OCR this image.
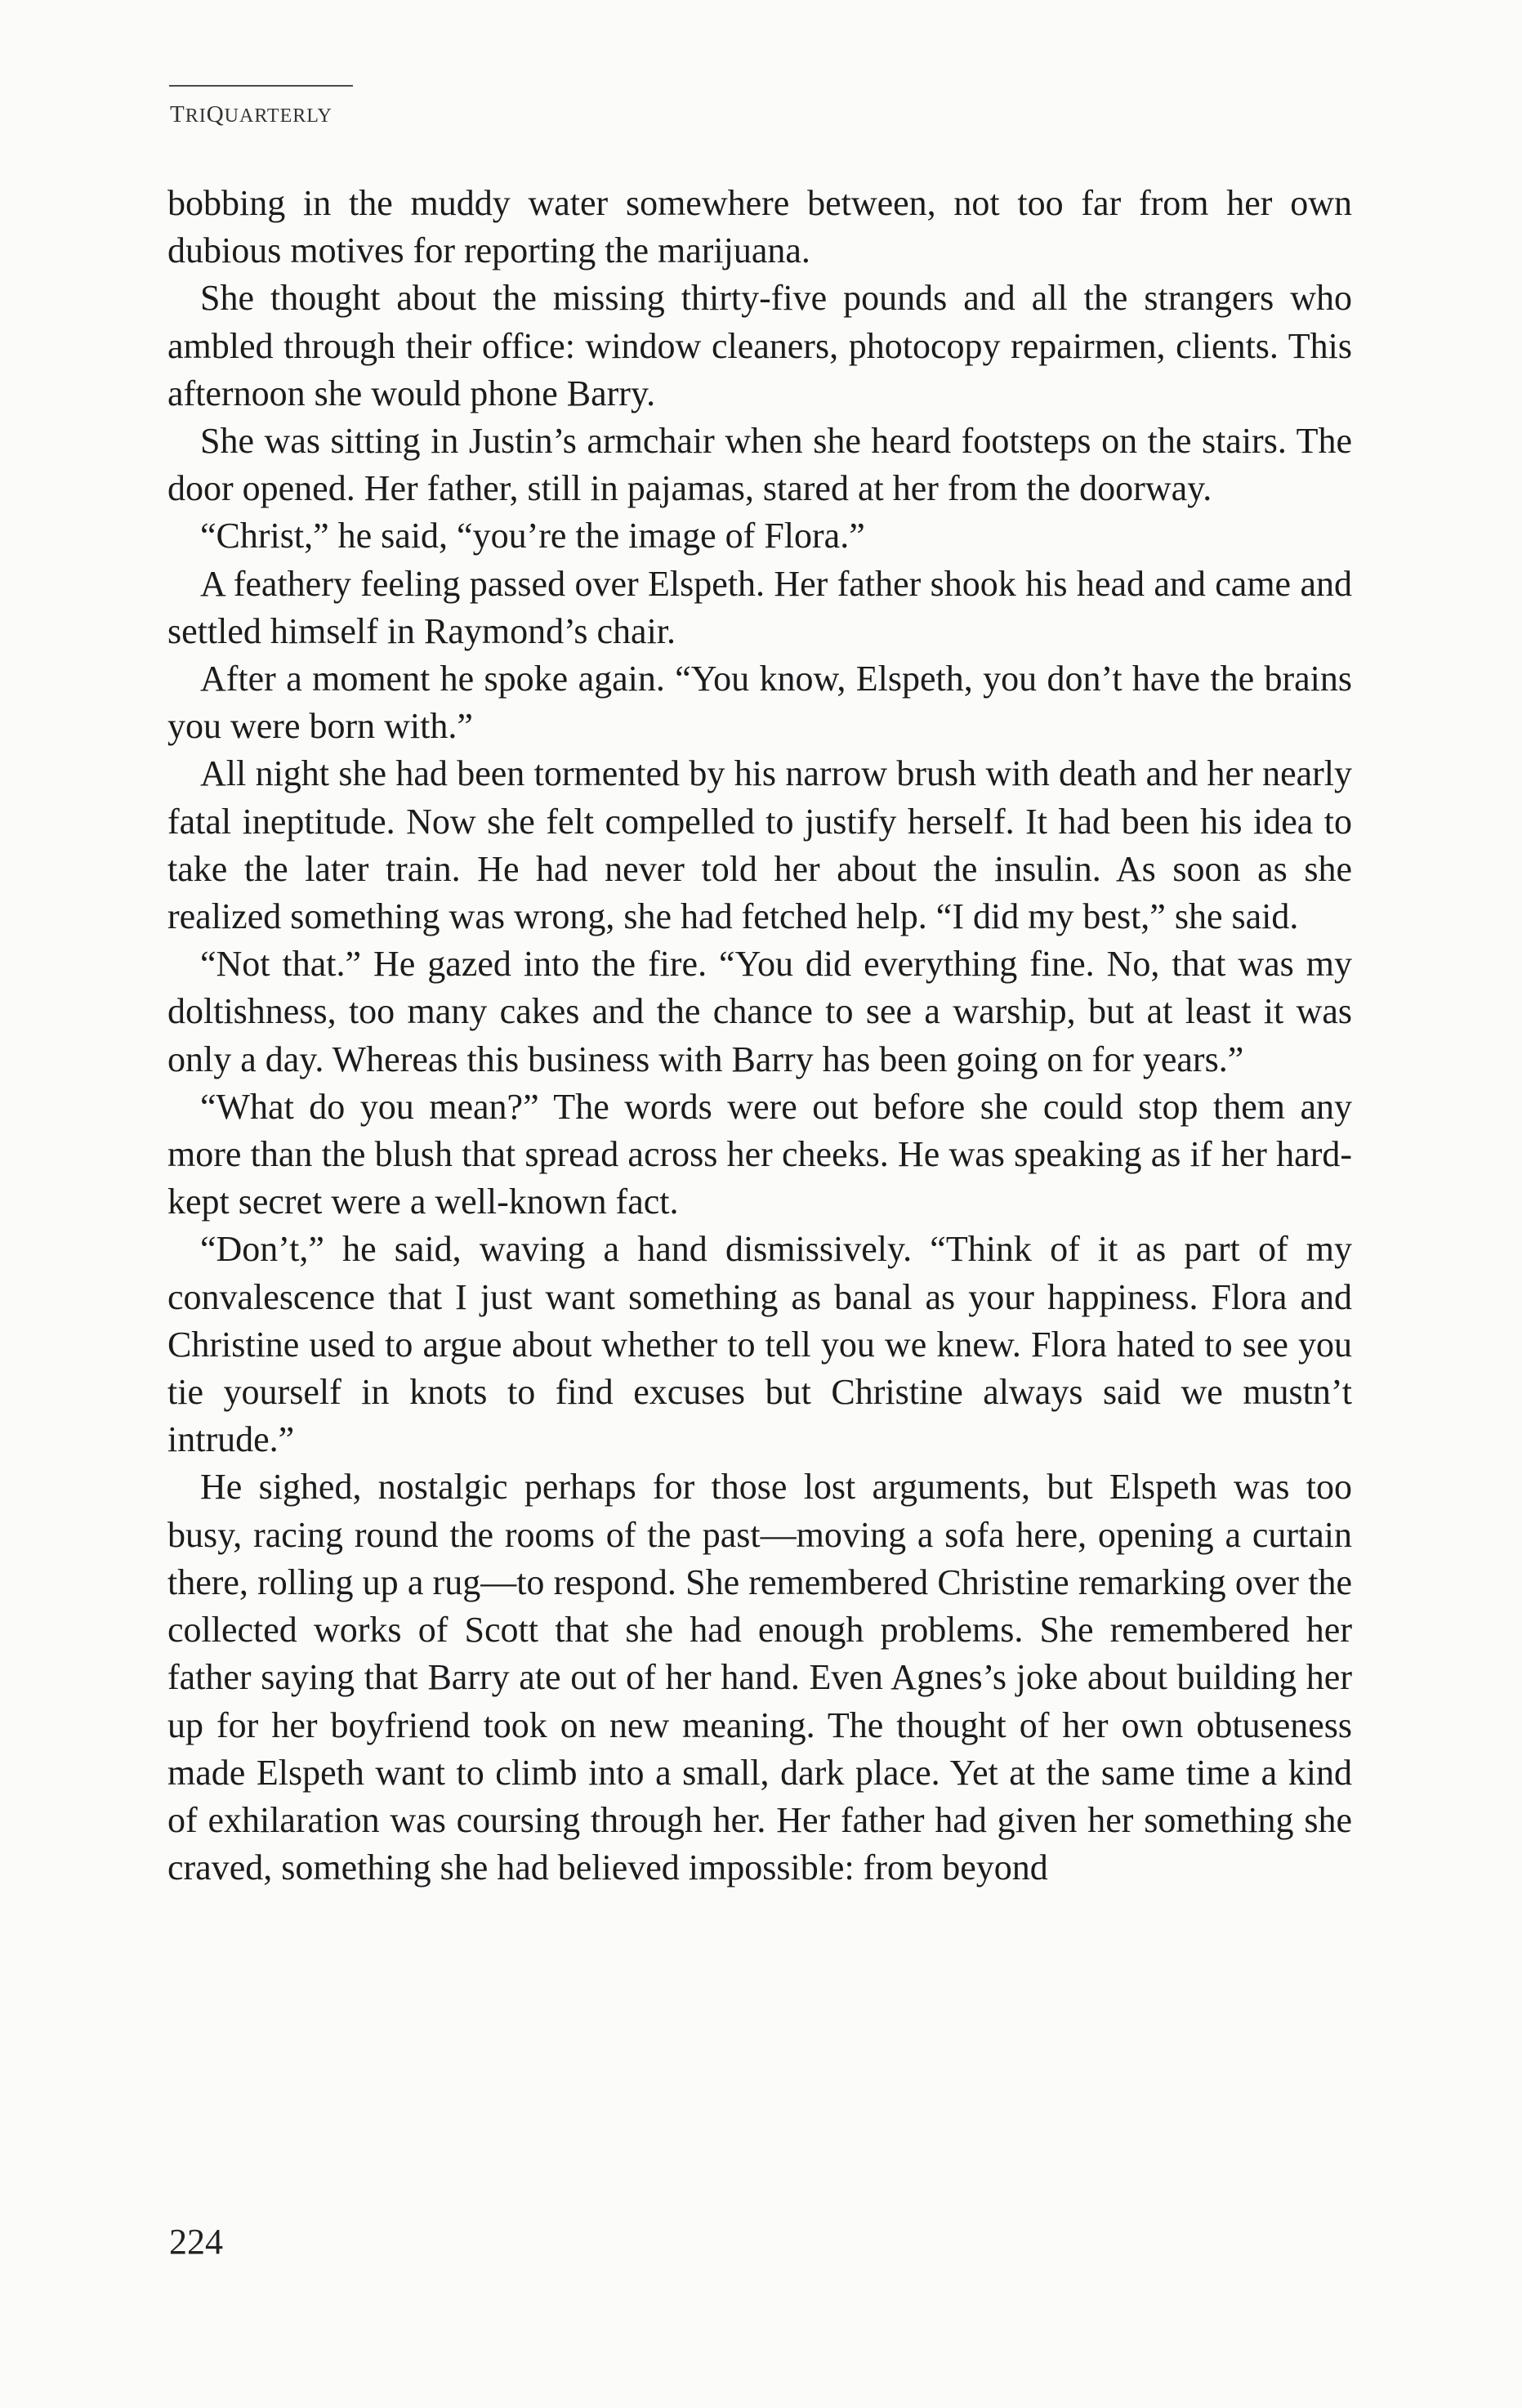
TRIQUARTERLY

bobbing in the muddy water somewhere between, not too far from her own dubious motives for reporting the marijuana.

She thought about the missing thirty-five pounds and all the strangers who ambled through their office: window cleaners, photocopy repairmen, clients. This afternoon she would phone Barry.

She was sitting in Justin’s armchair when she heard footsteps on the stairs. The door opened. Her father, still in pajamas, stared at her from the doorway.

“Christ,” he said, “you’re the image of Flora.”

A feathery feeling passed over Elspeth. Her father shook his head and came and settled himself in Raymond’s chair.

After a moment he spoke again. “You know, Elspeth, you don’t have the brains you were born with.”

All night she had been tormented by his narrow brush with death and her nearly fatal ineptitude. Now she felt compelled to justify herself. It had been his idea to take the later train. He had never told her about the insulin. As soon as she realized something was wrong, she had fetched help. “I did my best,” she said.

“Not that.” He gazed into the fire. “You did everything fine. No, that was my doltishness, too many cakes and the chance to see a warship, but at least it was only a day. Whereas this business with Barry has been going on for years.”

“What do you mean?” The words were out before she could stop them any more than the blush that spread across her cheeks. He was speaking as if her hard-kept secret were a well-known fact.

“Don’t,” he said, waving a hand dismissively. “Think of it as part of my convalescence that I just want something as banal as your happiness. Flora and Christine used to argue about whether to tell you we knew. Flora hated to see you tie yourself in knots to find excuses but Christine always said we mustn’t intrude.”

He sighed, nostalgic perhaps for those lost arguments, but Elspeth was too busy, racing round the rooms of the past—moving a sofa here, opening a curtain there, rolling up a rug—to respond. She remembered Christine remarking over the collected works of Scott that she had enough problems. She remembered her father saying that Barry ate out of her hand. Even Agnes’s joke about building her up for her boyfriend took on new meaning. The thought of her own obtuseness made Elspeth want to climb into a small, dark place. Yet at the same time a kind of exhilaration was coursing through her. Her father had given her something she craved, something she had believed impossible: from beyond

224
